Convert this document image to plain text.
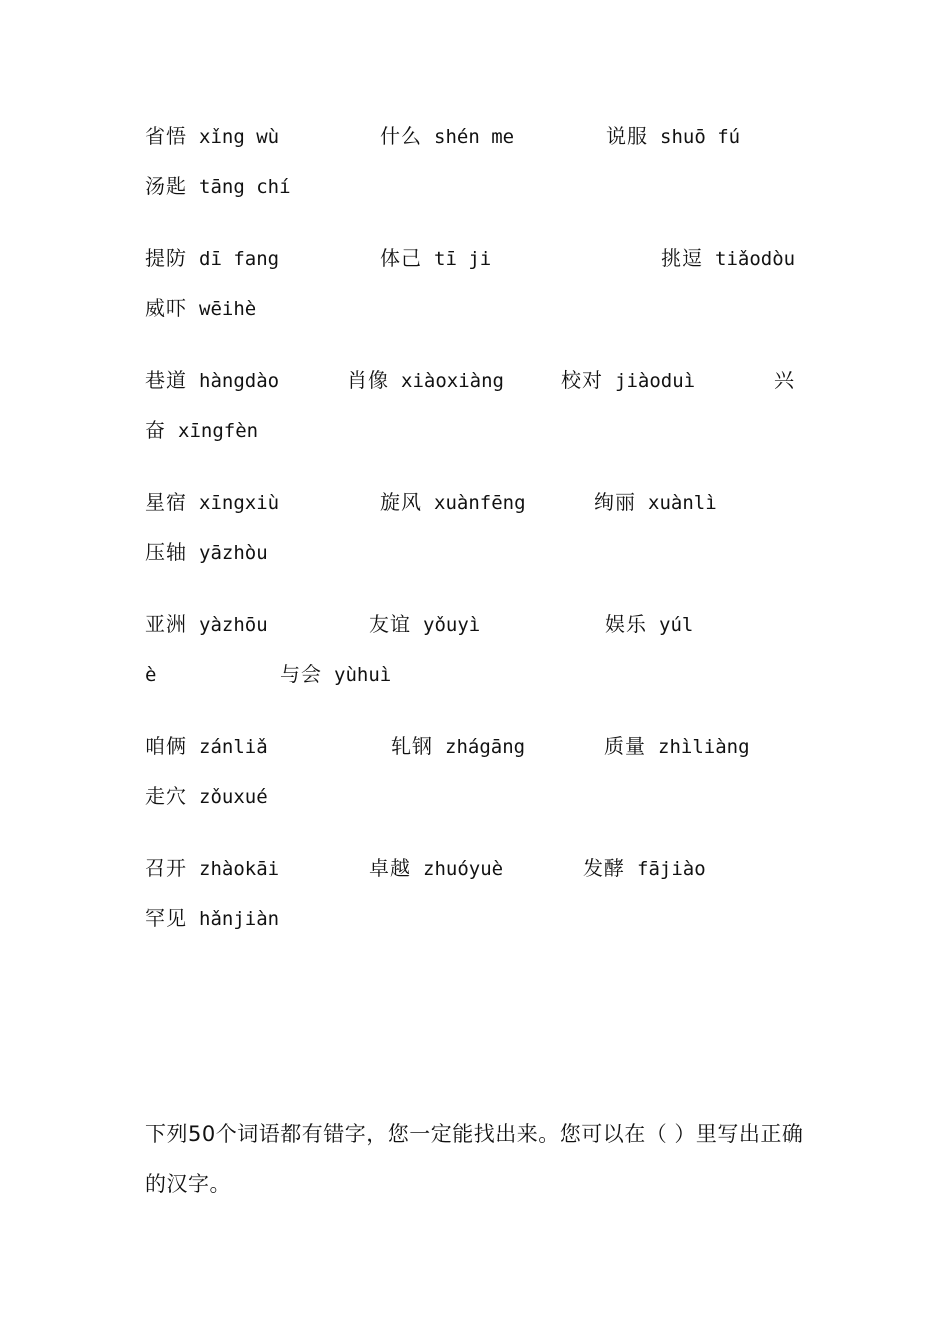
省悟 xǐng wù

	什么 shén me

	说服 shuō fú

汤匙 tāng chí

提防 dī fang

	体己 tī ji

	挑逗 tiǎodòu

威吓 wēihè

巷道 hàngdào

	肖像 xiàoxiàng

	校对 jiàoduì

	兴

奋 xīngfèn

星宿 xīngxiù

	旋风 xuànfēng

	绚丽 xuànlì

压轴 yāzhòu

亚洲 yàzhōu

	友谊 yǒuyì

	娱乐 yúl

è

	与会 yùhuì

咱俩 zánliǎ

	轧钢 zhágāng

	质量 zhìliàng

走穴 zǒuxué

召开 zhàokāi

	卓越 zhuóyuè

	发酵 fājiào

罕见 hǎnjiàn

下列50个词语都有错字，您一定能找出来。您可以在（ ）里写出正确的汉字。
